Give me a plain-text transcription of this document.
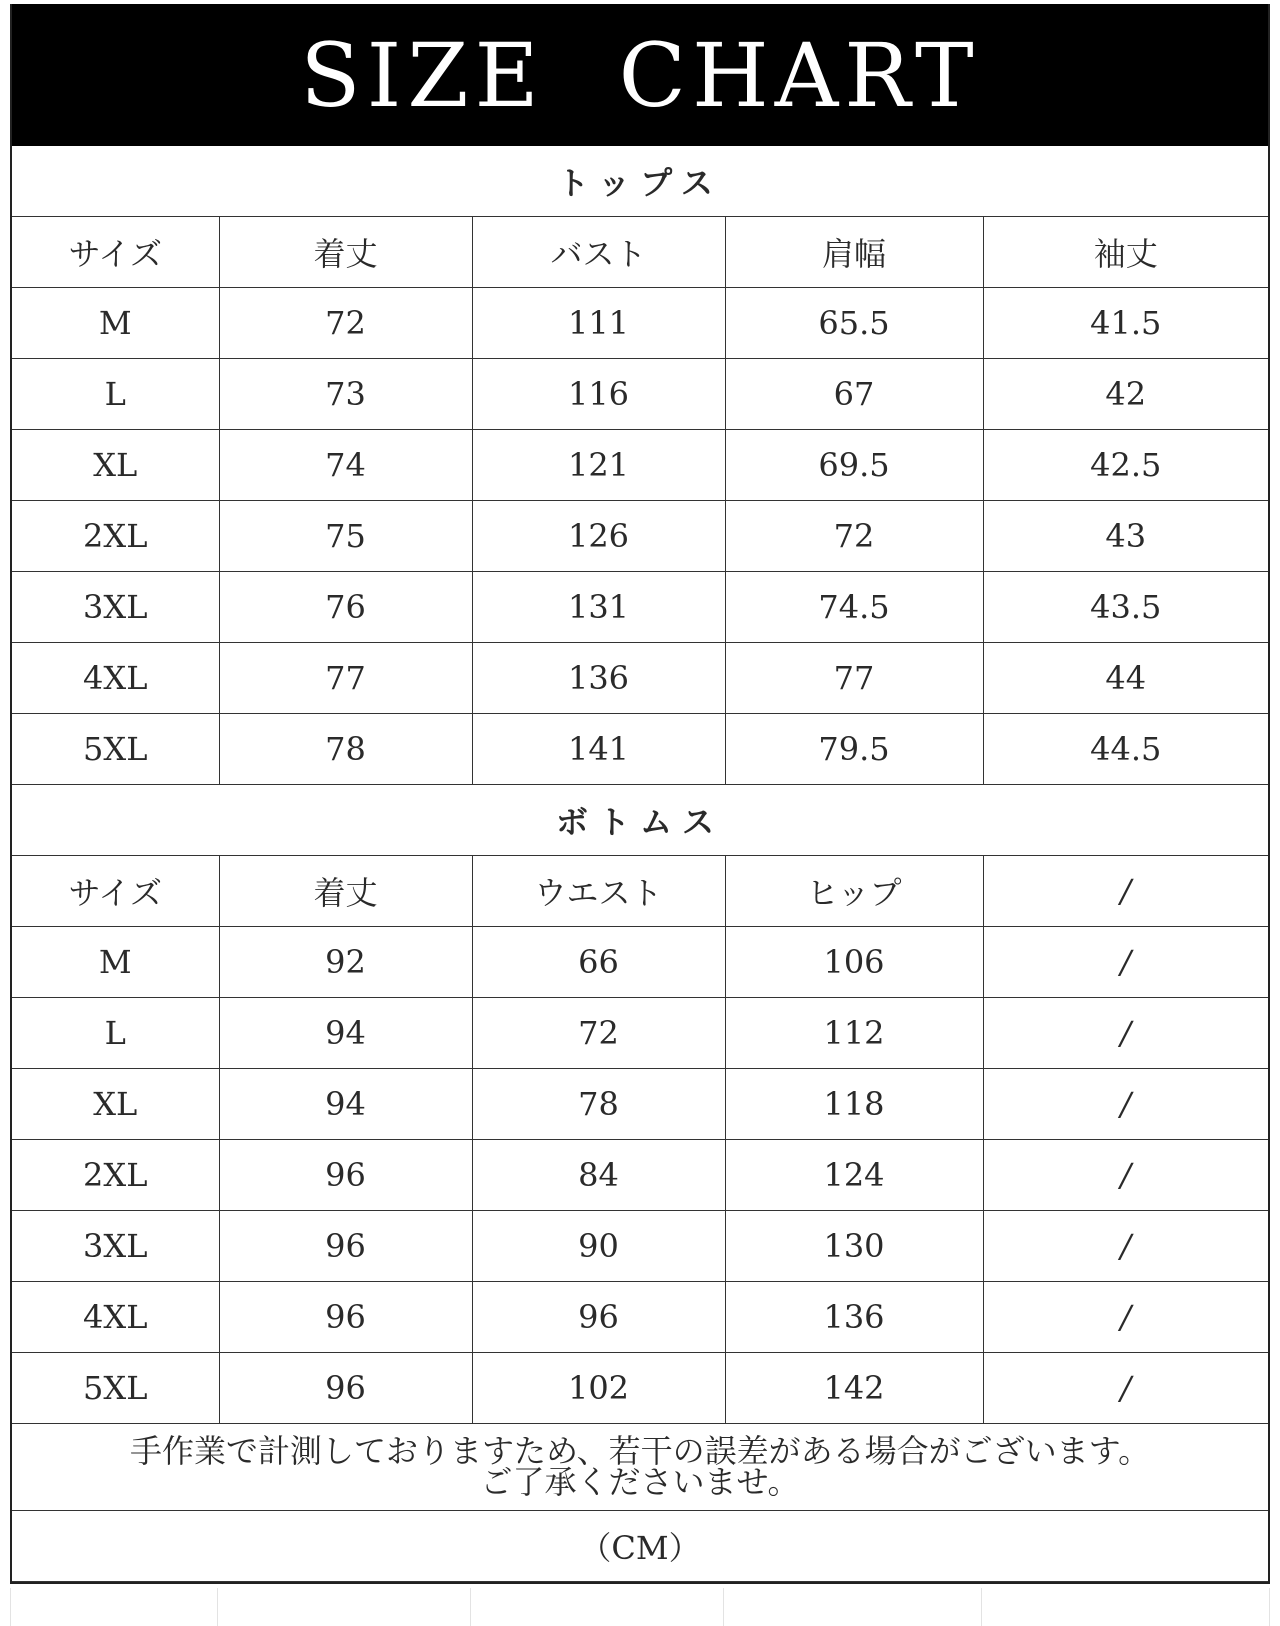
SIZE CHART
トップス				
サイズ	着丈	バスト	肩幅	袖丈
M	72	111	65.5	41.5
L	73	116	67	42
XL	74	121	69.5	42.5
2XL	75	126	72	43
3XL	76	131	74.5	43.5
4XL	77	136	77	44
5XL	78	141	79.5	44.5
ボトムス				
サイズ	着丈	ウエスト	ヒップ	/
M	92	66	106	/
L	94	72	112	/
XL	94	78	118	/
2XL	96	84	124	/
3XL	96	90	130	/
4XL	96	96	136	/
5XL	96	102	142	/

手作業で計測しておりますため、若干の誤差がある場合がございます。
ご了承くださいませ。				

（CM）				
